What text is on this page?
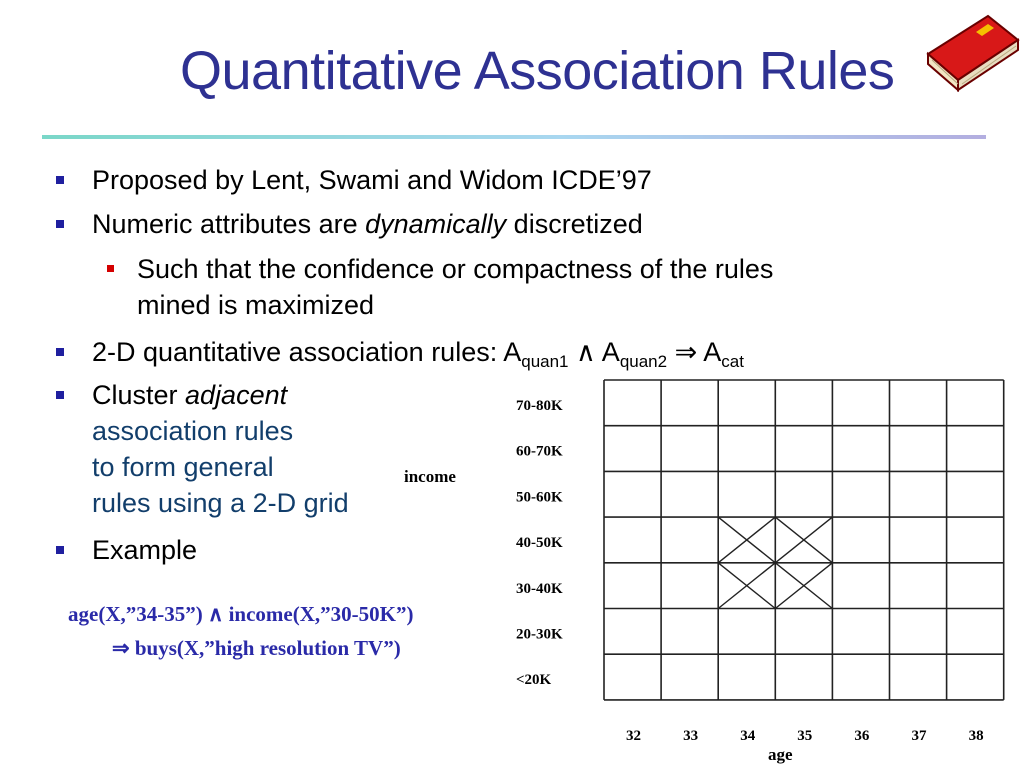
Quantitative Association Rules
Proposed by Lent, Swami and Widom ICDE’97
Numeric attributes are dynamically discretized
Such that the confidence or compactness of the rules
mined is maximized
2-D quantitative association rules: $A_{quan1}$ ∧ $A_{quan2}$ ⇒ $A_{cat}$
Cluster adjacent
association rules
to form general
rules using a 2-D grid
Example
income
age
70-80K
60-70K
50-60K
40-50K
30-40K
20-30K
<20K
32	33	34	35	36	37	38
age(X,”34-35”) ∧ income(X,”30-50K”)
⇒ buys(X,”high resolution TV”)
